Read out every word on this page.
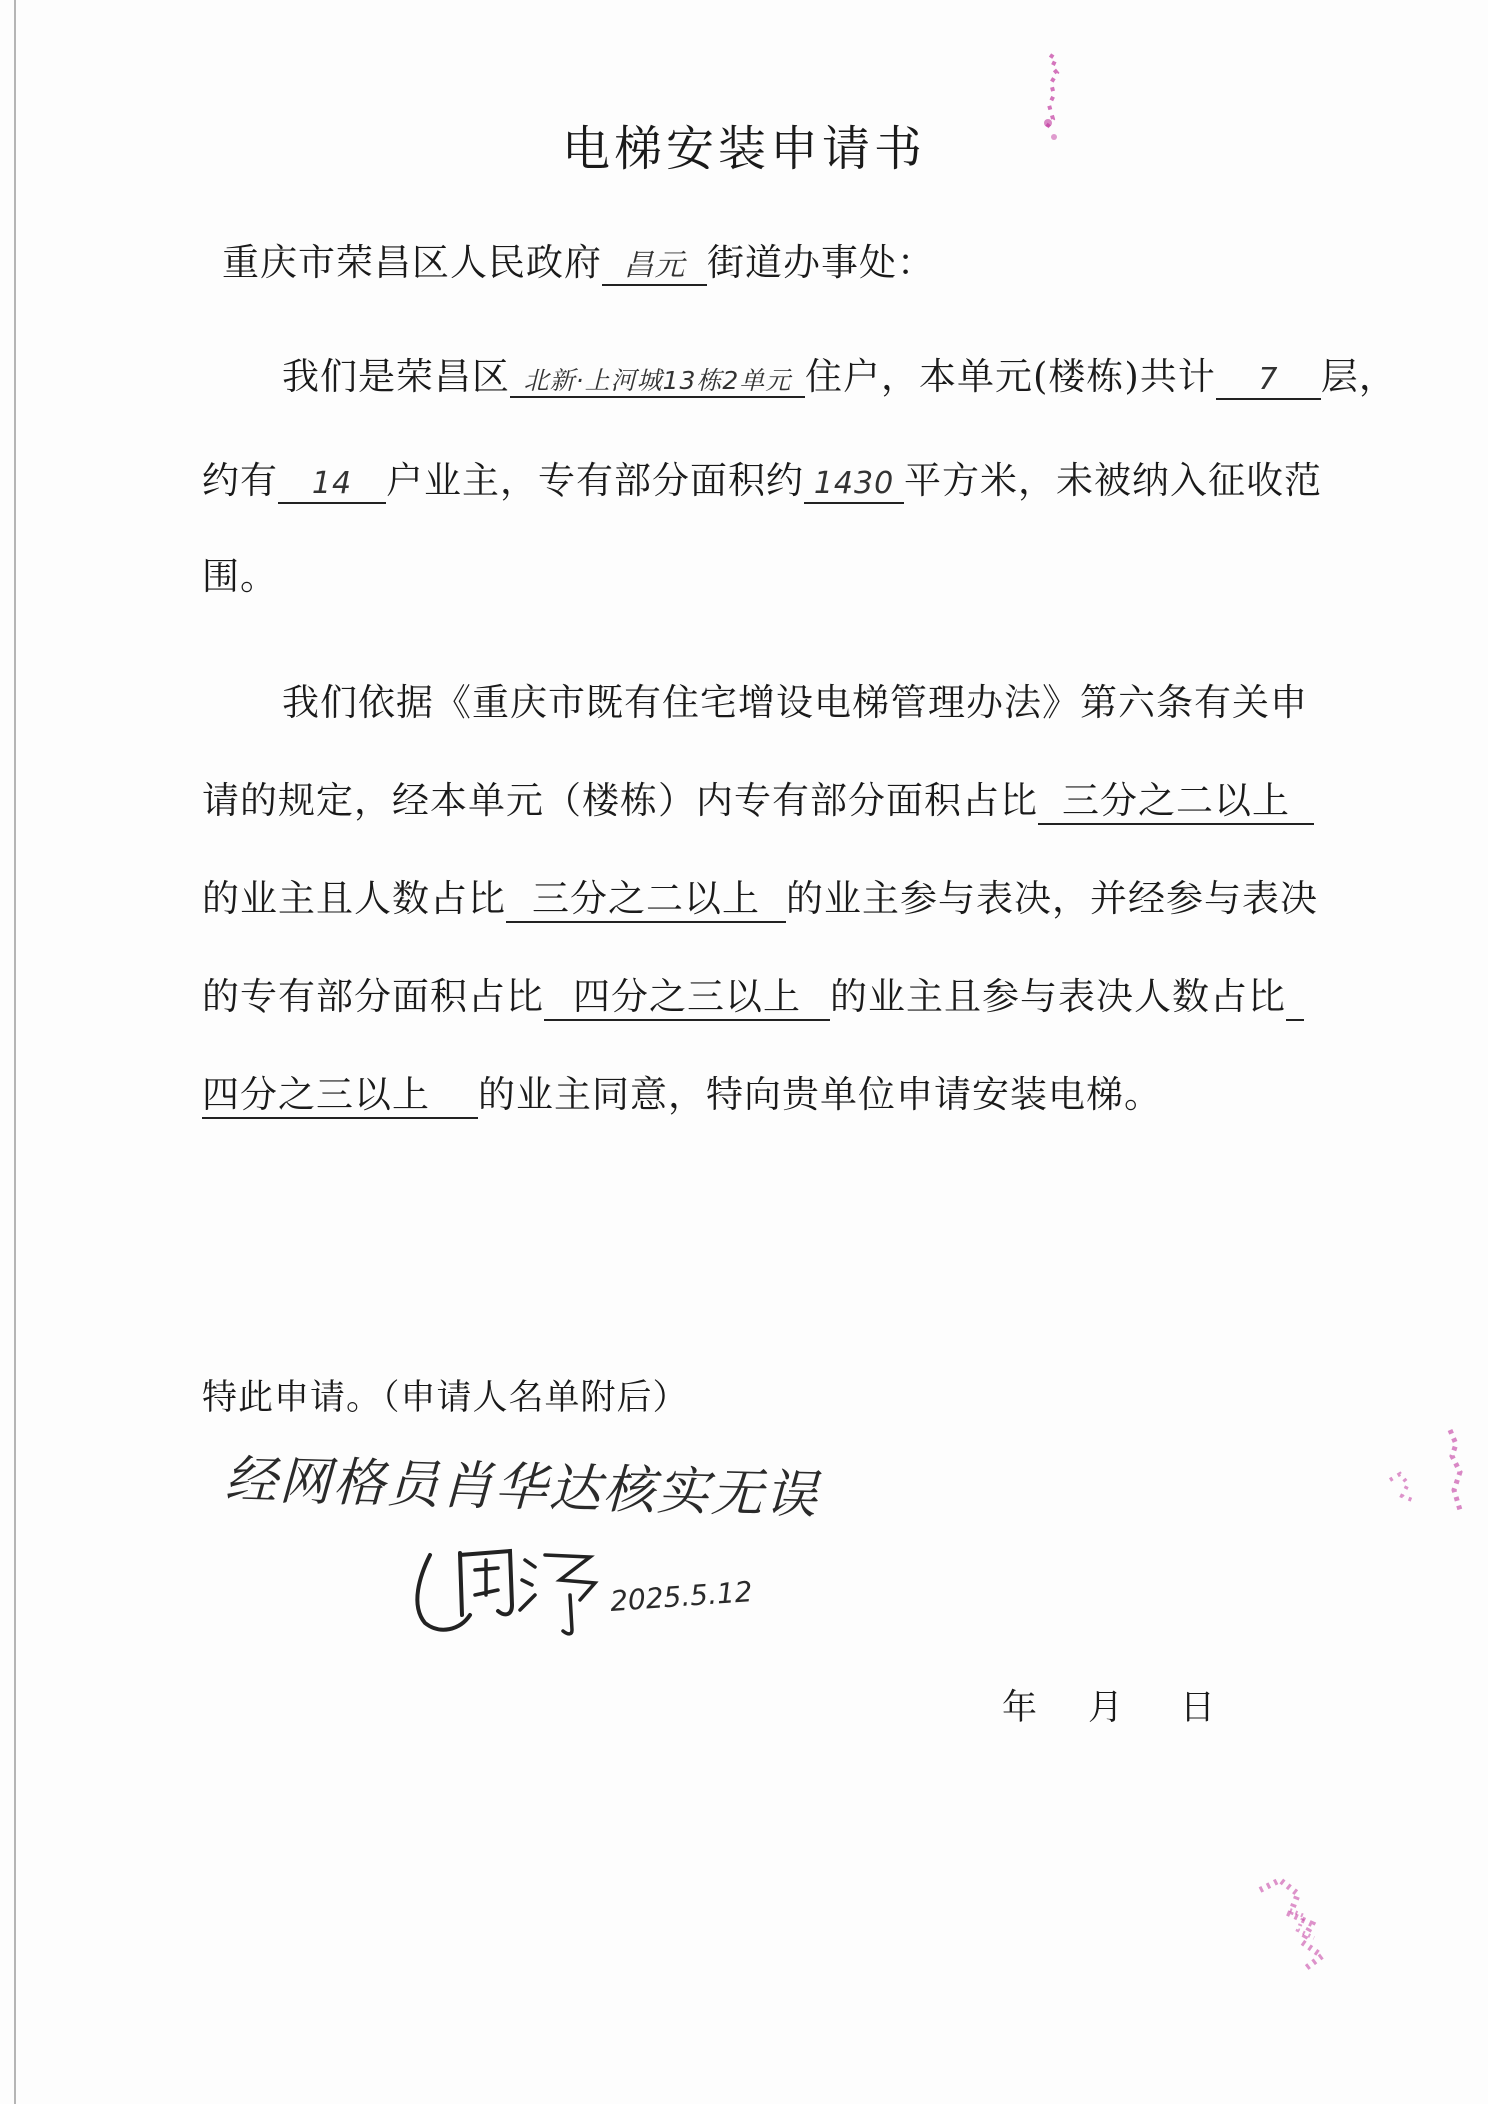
电梯安装申请书
重庆市荣昌区人民政府 昌元 街道办事处：
我们是荣昌区 北新·上河城13栋2单元 住户，本单元(楼栋)共计 7 层，
约有 14 户业主，专有部分面积约 1430 平方米，未被纳入征收范
围。
我们依据《重庆市既有住宅增设电梯管理办法》第六条有关申
请的规定，经本单元（楼栋）内专有部分面积占比 三分之二以上
的业主且人数占比 三分之二以上 的业主参与表决，并经参与表决
的专有部分面积占比 四分之三以上 的业主且参与表决人数占比
四分之三以上 的业主同意，特向贵单位申请安装电梯。
特此申请。（申请人名单附后）
经网格员肖华达核实无误
2025.5.12
年 月 日
